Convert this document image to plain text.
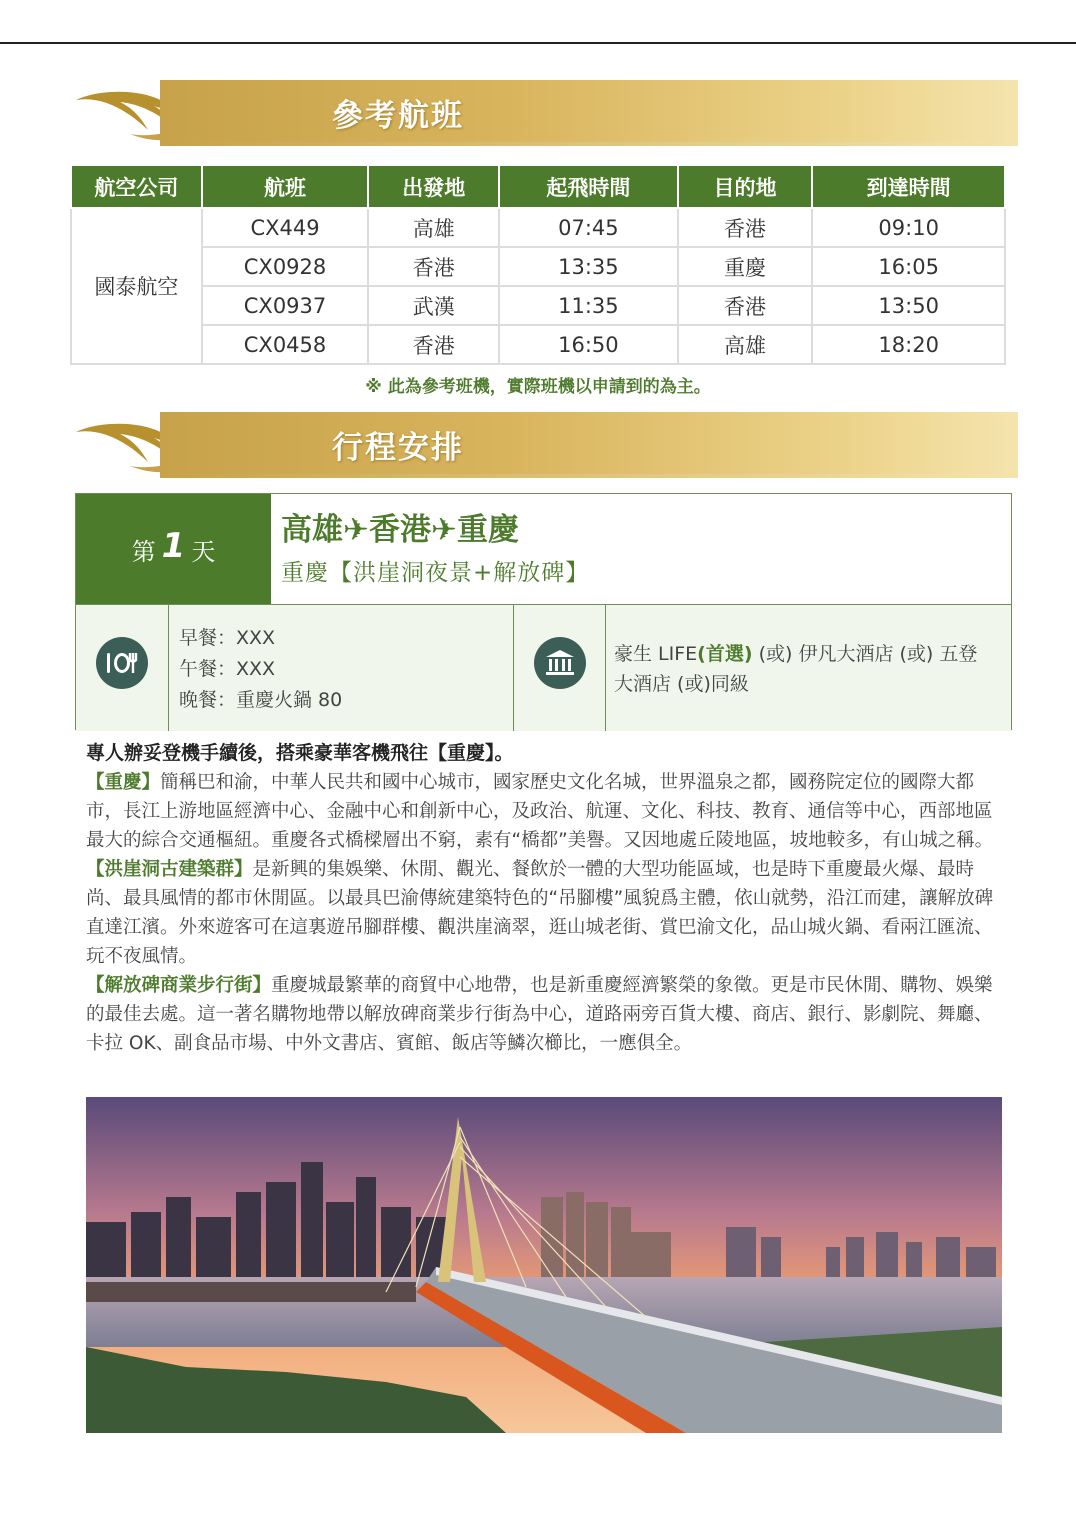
參考航班
航空公司	航班	出發地	起飛時間	目的地	到達時間
國泰航空	CX449	高雄	07:45	香港	09:10
	CX0928	香港	13:35	重慶	16:05
	CX0937	武漢	11:35	香港	13:50
	CX0458	香港	16:50	高雄	18:20
※ 此為參考班機，實際班機以申請到的為主。
行程安排
第 1 天
高雄✈香港✈重慶
重慶【洪崖洞夜景+解放碑】
早餐：XXX
午餐：XXX
晚餐：重慶火鍋 80
豪生 LIFE(首選) (或) 伊凡大酒店 (或) 五登大酒店 (或)同級

專人辦妥登機手續後，搭乘豪華客機飛往【重慶】。

【重慶】簡稱巴和渝，中華人民共和國中心城市，國家歷史文化名城，世界溫泉之都，國務院定位的國際大都市，長江上游地區經濟中心、金融中心和創新中心，及政治、航運、文化、科技、教育、通信等中心，西部地區最大的綜合交通樞紐。重慶各式橋樑層出不窮，素有“橋都”美譽。又因地處丘陵地區，坡地較多，有山城之稱。

【洪崖洞古建築群】是新興的集娛樂、休閒、觀光、餐飲於一體的大型功能區域，也是時下重慶最火爆、最時尚、最具風情的都市休閒區。以最具巴渝傳統建築特色的“吊腳樓”風貌爲主體，依山就勢，沿江而建，讓解放碑直達江濱。外來遊客可在這裏遊吊腳群樓、觀洪崖滴翠，逛山城老街、賞巴渝文化，品山城火鍋、看兩江匯流、玩不夜風情。

【解放碑商業步行街】重慶城最繁華的商貿中心地帶，也是新重慶經濟繁榮的象徵。更是市民休閒、購物、娛樂的最佳去處。這一著名購物地帶以解放碑商業步行街為中心，道路兩旁百貨大樓、商店、銀行、影劇院、舞廳、卡拉 OK、副食品市場、中外文書店、賓館、飯店等鱗次櫛比，一應俱全。
